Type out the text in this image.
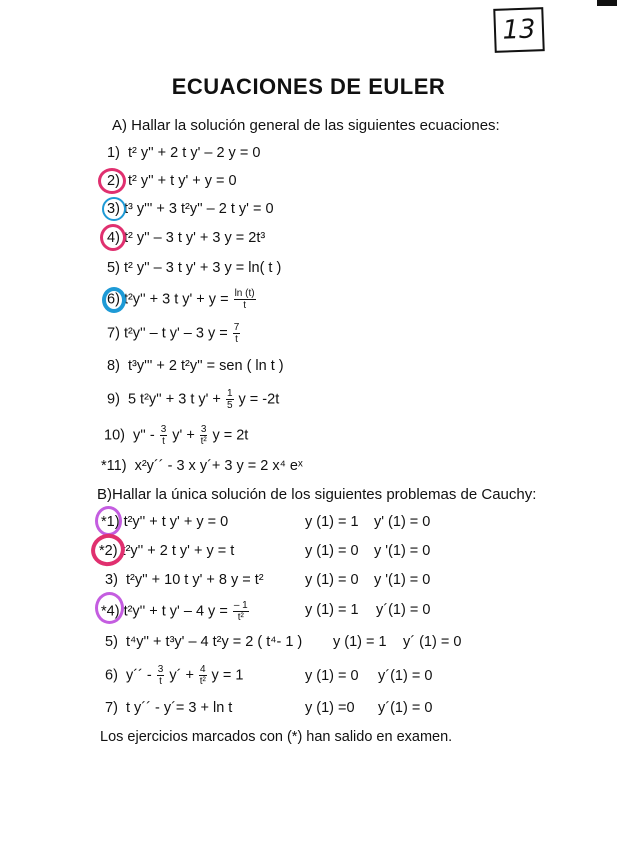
13
ECUACIONES DE EULER
A) Hallar la solución general de las siguientes ecuaciones:
1) t² y'' + 2 t y' – 2 y = 0
2) t² y'' + t y' + y = 0
3) t³ y''' + 3 t²y'' – 2 t y' = 0
4) t² y'' – 3 t y' + 3 y = 2t³
5) t² y'' – 3 t y' + 3 y = ln( t )
6) t²y'' + 3 t $y' + y = \frac{\ln (t)}{t}$
7) t²y'' – t y' – 3 $y = \frac{7}{t}$
8) t³y''' + 2 t²y'' = sen ( ln t )
9) 5 t²y'' + 3 t $y' + \frac{1}{5}$ y = -2t
10) $y'' - \frac{3}{t} y' + \frac{3}{\text{t²}}$ y = 2t
*11) x²y´´ - 3 x y´+ 3 y = 2 x⁴ eˣ
B)Hallar la única solución de los siguientes problemas de Cauchy:
*1) t²y'' + t y' + y = 0	y (1) = 1 y' (1) = 0
*2) t²y'' + 2 t y' + y = t	y (1) = 0 y '(1) = 0
3) t²y'' + 10 t y' + 8 y = t²	y (1) = 0 y '(1) = 0
*4) t²y'' + t y' – 4 $y = \frac{- 1}{\text{t²}}$	y (1) = 1 y´(1) = 0
5) t⁴y'' + t³y' – 4 t²y = 2 ( t⁴- 1 ) y (1) = 1 y´ (1) = 0
6) y´´ - $\frac{3}{t}$ y´ + $\frac{4}{\text{t²}}$ y = 1	y (1) = 0 y´(1) = 0
7) t y´´ - y´= 3 + ln t	y (1) =0 y´(1) = 0
Los ejercicios marcados con (*) han salido en examen.
